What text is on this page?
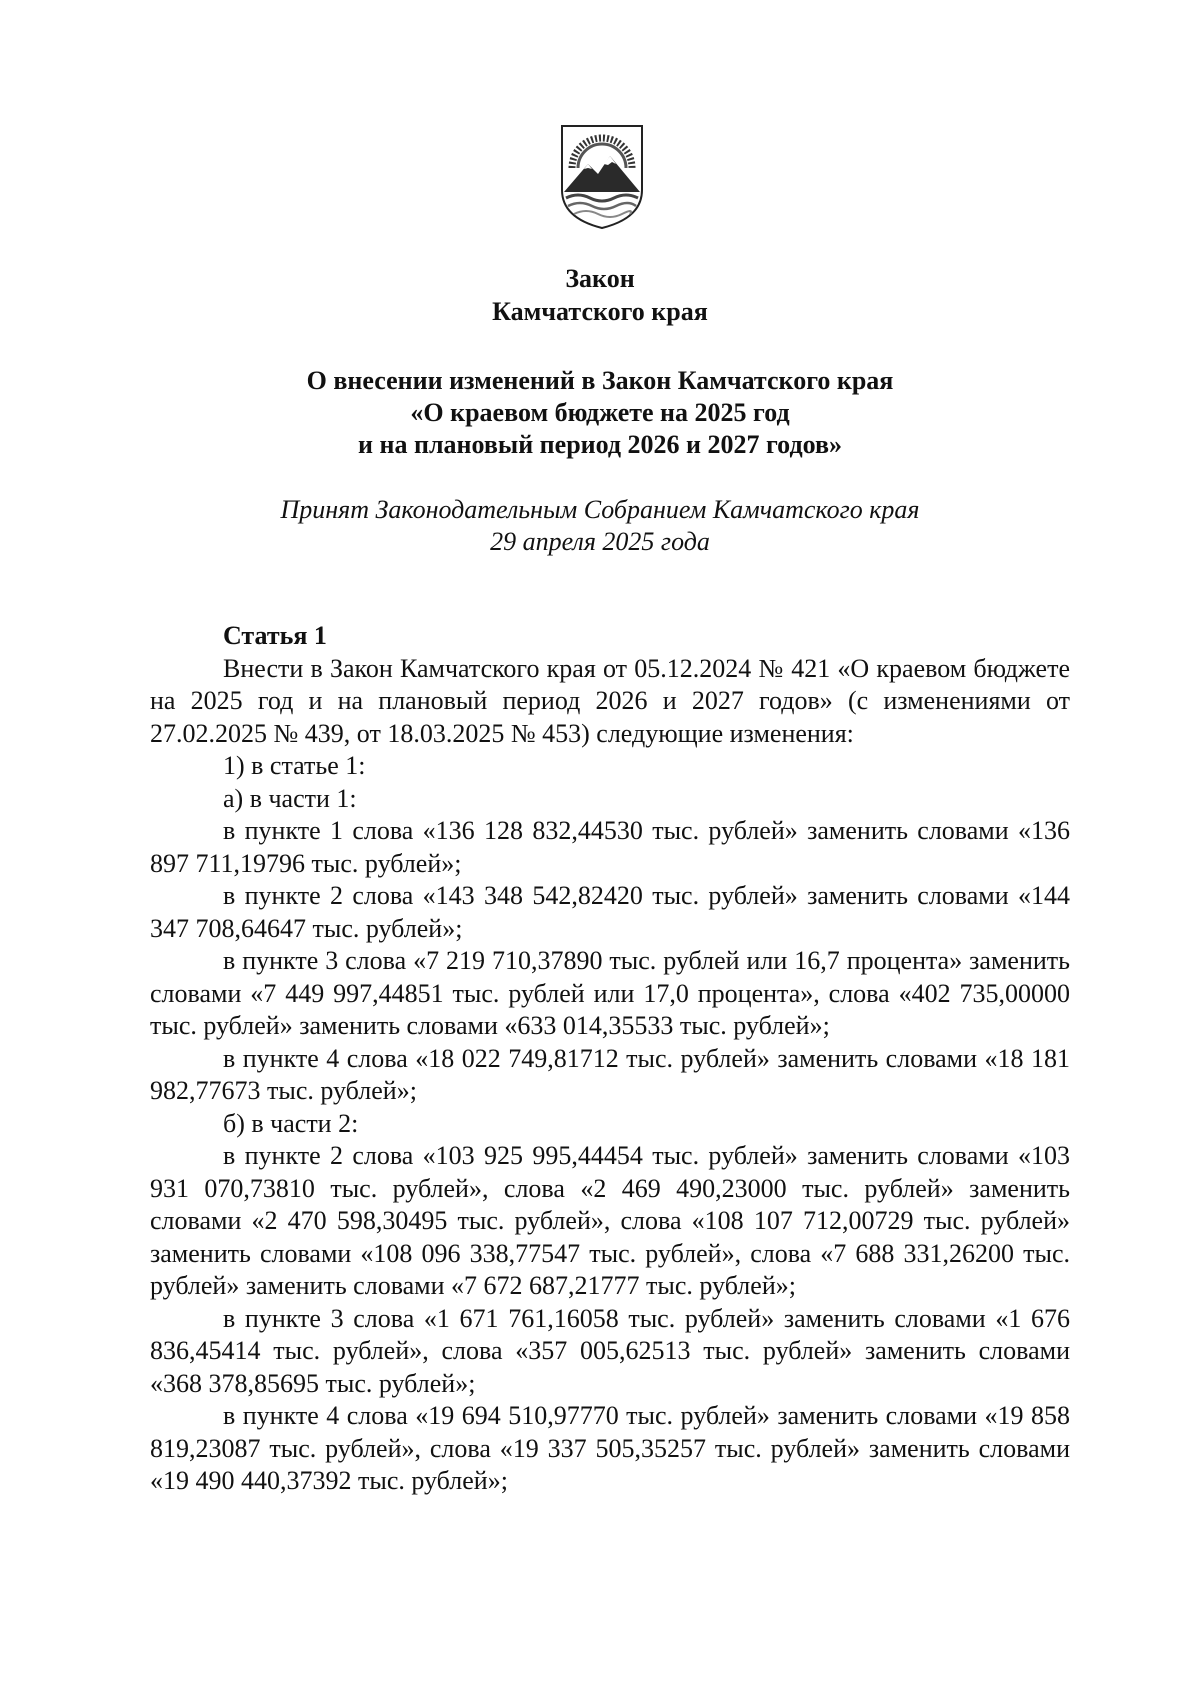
Закон
Камчатского края
О внесении изменений в Закон Камчатского края
«О краевом бюджете на 2025 год
и на плановый период 2026 и 2027 годов»
Принят Законодательным Собранием Камчатского края
29 апреля 2025 года
Статья 1

Внести в Закон Камчатского края от 05.12.2024 № 421 «О краевом бюджете на 2025 год и на плановый период 2026 и 2027 годов» (с изменениями от 27.02.2025 № 439, от 18.03.2025 № 453) следующие изменения:

1) в статье 1:

а) в части 1:

в пункте 1 слова «136 128 832,44530 тыс. рублей» заменить словами «136 897 711,19796 тыс. рублей»;

в пункте 2 слова «143 348 542,82420 тыс. рублей» заменить словами «144 347 708,64647 тыс. рублей»;

в пункте 3 слова «7 219 710,37890 тыс. рублей или 16,7 процента» заменить словами «7 449 997,44851 тыс. рублей или 17,0 процента», слова «402 735,00000 тыс. рублей» заменить словами «633 014,35533 тыс. рублей»;

в пункте 4 слова «18 022 749,81712 тыс. рублей» заменить словами «18 181 982,77673 тыс. рублей»;

б) в части 2:

в пункте 2 слова «103 925 995,44454 тыс. рублей» заменить словами «103 931 070,73810 тыс. рублей», слова «2 469 490,23000 тыс. рублей» заменить словами «2 470 598,30495 тыс. рублей», слова «108 107 712,00729 тыс. рублей» заменить словами «108 096 338,77547 тыс. рублей», слова «7 688 331,26200 тыс. рублей» заменить словами «7 672 687,21777 тыс. рублей»;

в пункте 3 слова «1 671 761,16058 тыс. рублей» заменить словами «1 676 836,45414 тыс. рублей», слова «357 005,62513 тыс. рублей» заменить словами «368 378,85695 тыс. рублей»;

в пункте 4 слова «19 694 510,97770 тыс. рублей» заменить словами «19 858 819,23087 тыс. рублей», слова «19 337 505,35257 тыс. рублей» заменить словами «19 490 440,37392 тыс. рублей»;
